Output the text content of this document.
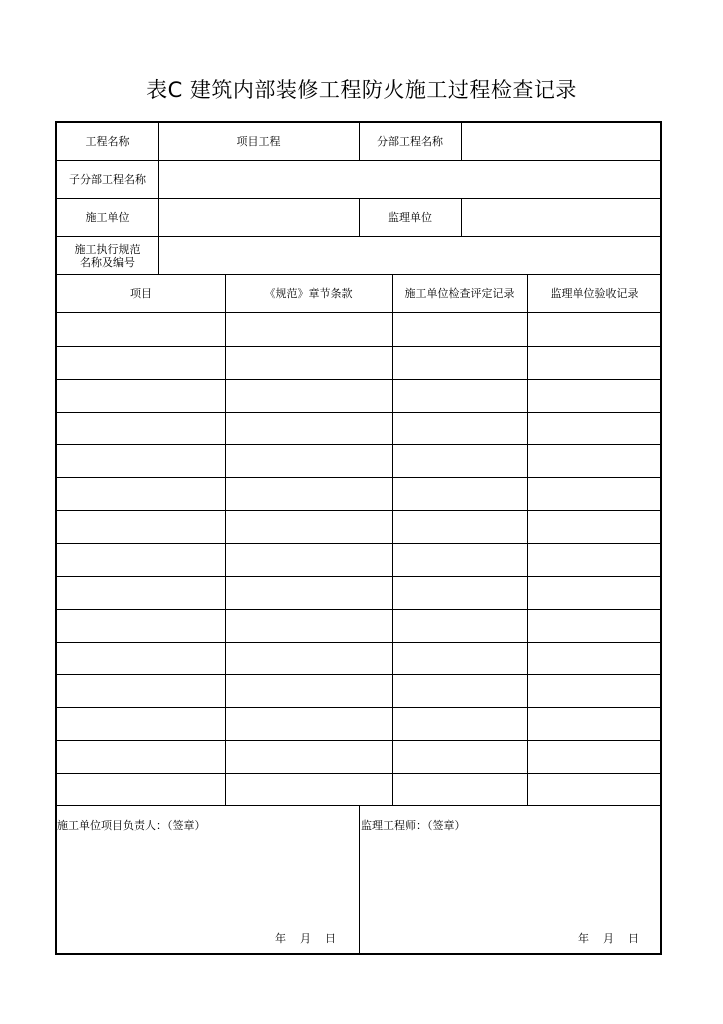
表C 建筑内部装修工程防火施工过程检查记录
工程名称	项目工程	分部工程名称
子分部工程名称
施工单位	监理单位
施工执行规范
名称及编号
项目	《规范》章节条款	施工单位检查评定记录	监理单位验收记录
施工单位项目负责人：（签章）
年    月    日
监理工程师：（签章）
年    月    日
